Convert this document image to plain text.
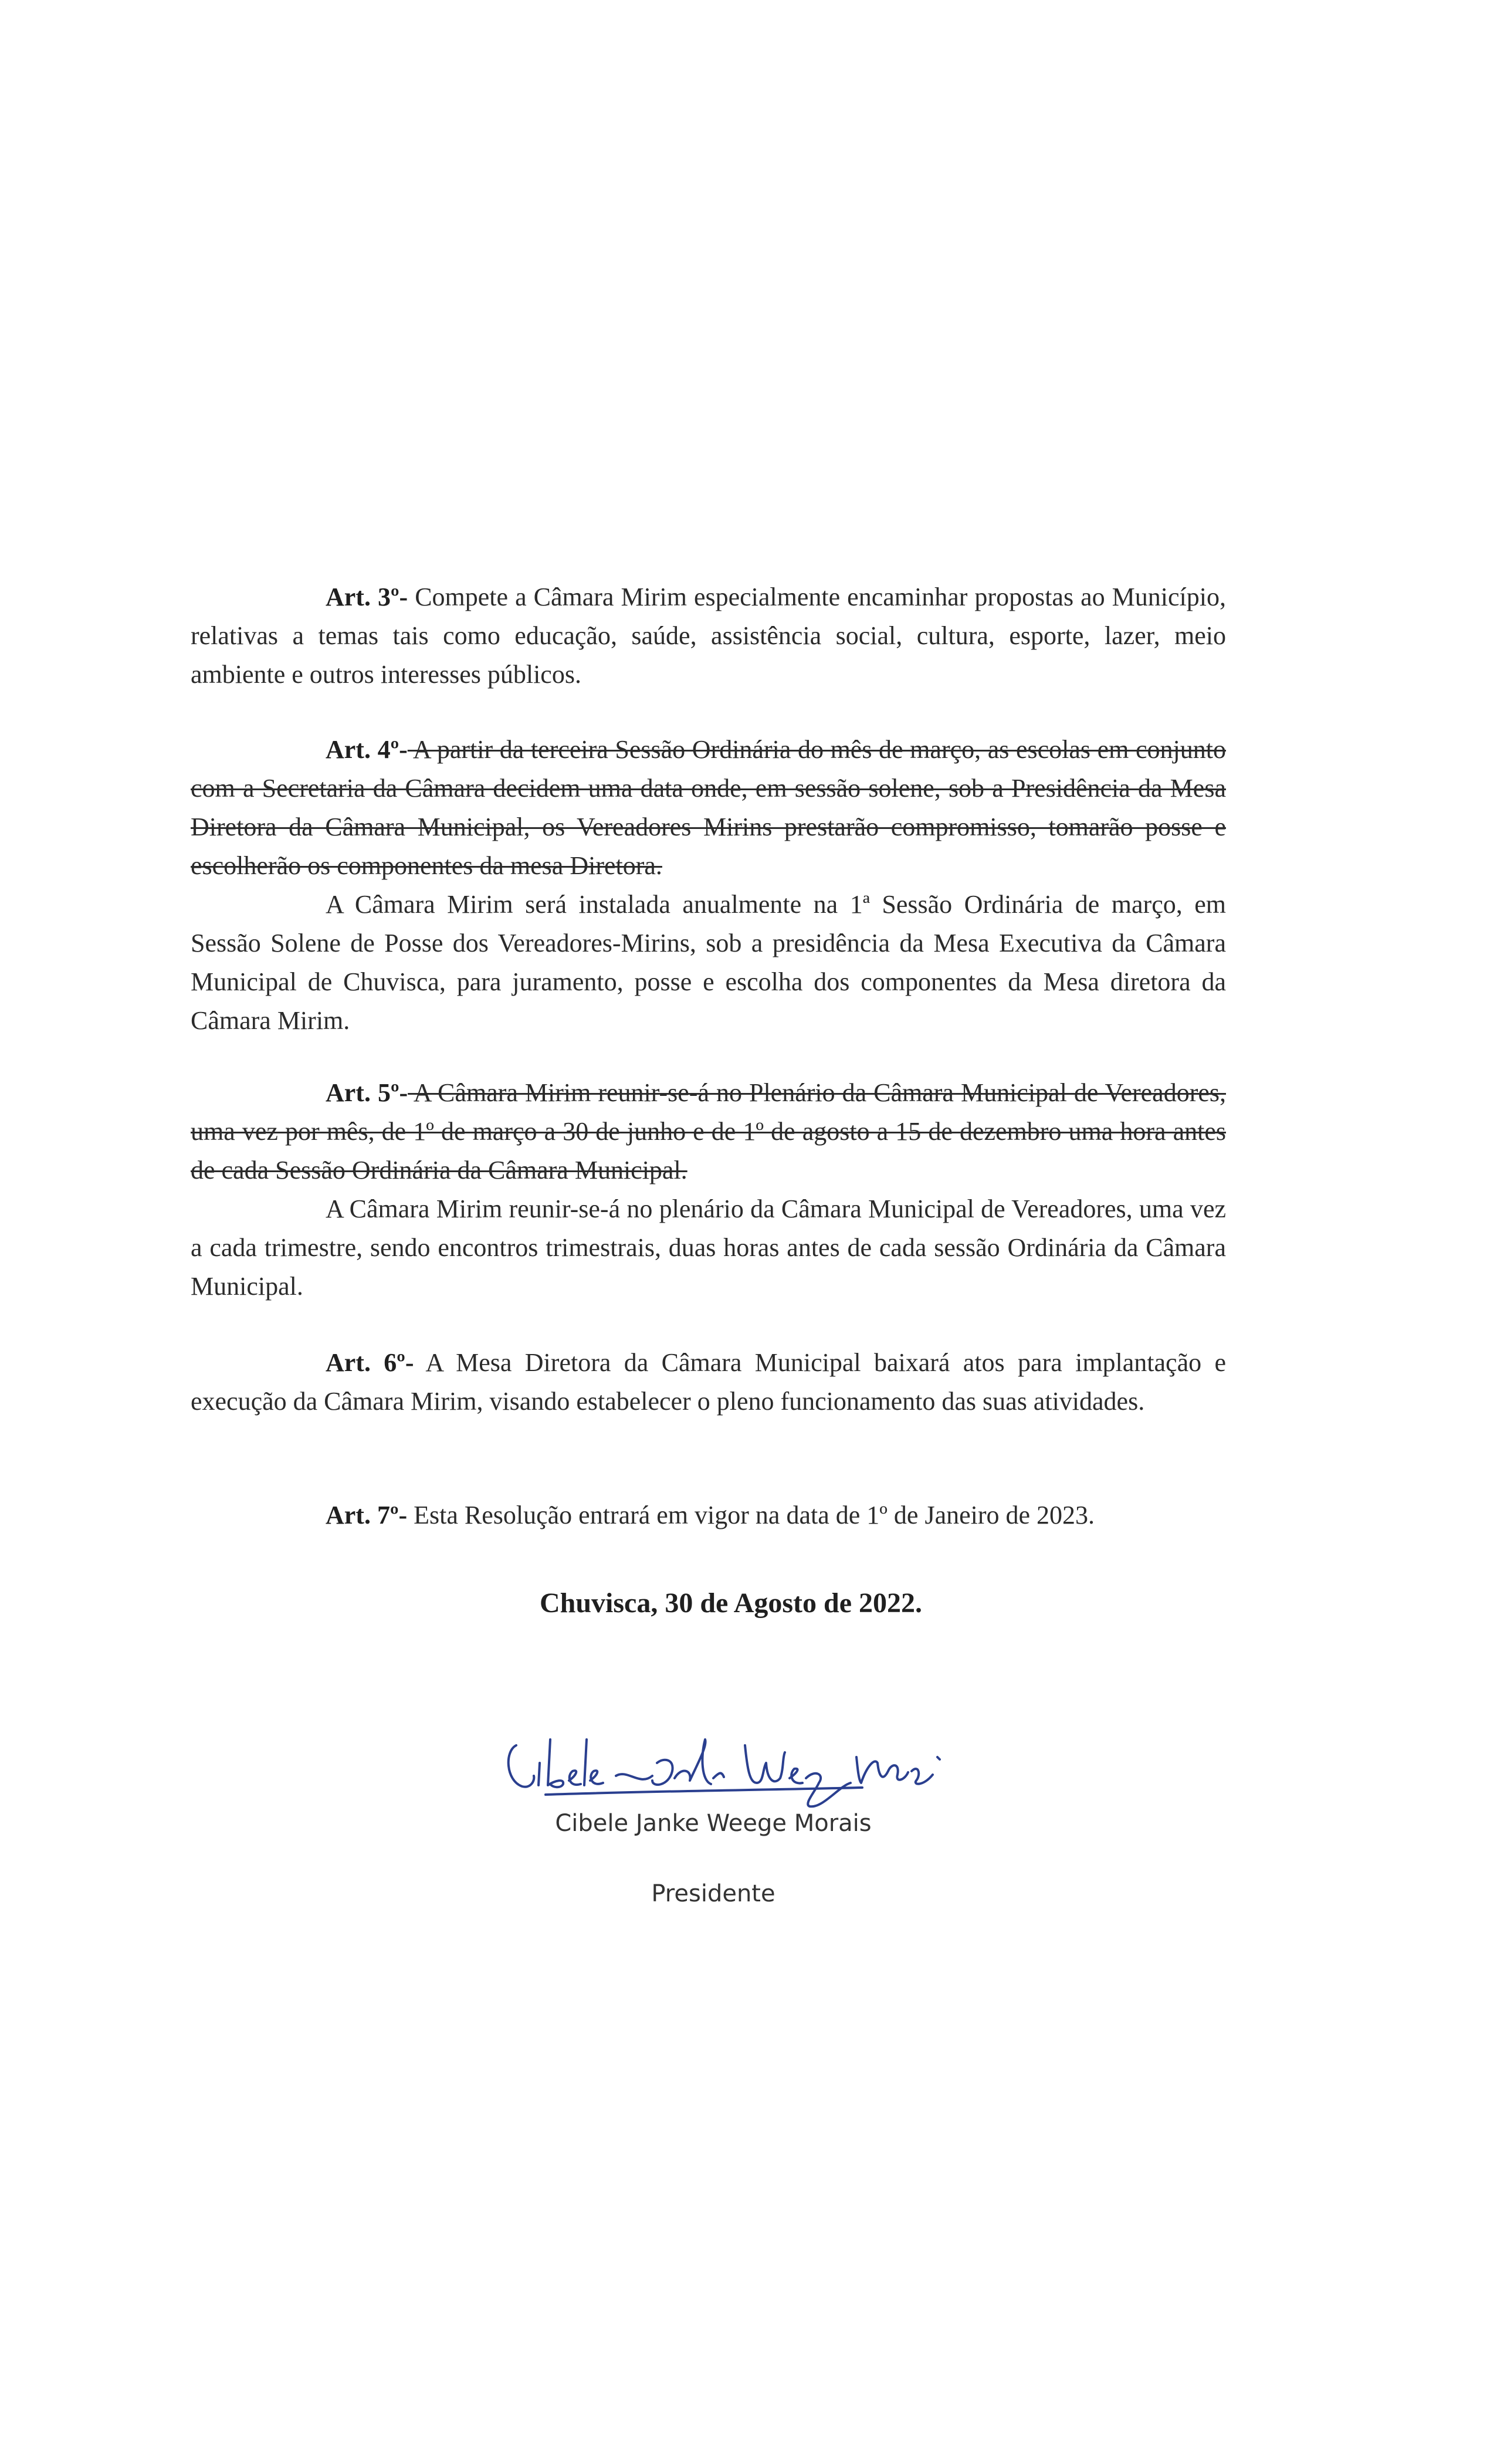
Art. 3º- Compete a Câmara Mirim especialmente encaminhar propostas ao Município, relativas a temas tais como educação, saúde, assistência social, cultura, esporte, lazer, meio ambiente e outros interesses públicos.

Art. 4º- A partir da terceira Sessão Ordinária do mês de março, as escolas em conjunto com a Secretaria da Câmara decidem uma data onde, em sessão solene, sob a Presidência da Mesa Diretora da Câmara Municipal, os Vereadores Mirins prestarão compromisso, tomarão posse e escolherão os componentes da mesa Diretora.

A Câmara Mirim será instalada anualmente na 1ª Sessão Ordinária de março, em Sessão Solene de Posse dos Vereadores-Mirins, sob a presidência da Mesa Executiva da Câmara Municipal de Chuvisca, para juramento, posse e escolha dos componentes da Mesa diretora da Câmara Mirim.

Art. 5º- A Câmara Mirim reunir-se-á no Plenário da Câmara Municipal de Vereadores, uma vez por mês, de 1º de março a 30 de junho e de 1º de agosto a 15 de dezembro uma hora antes de cada Sessão Ordinária da Câmara Municipal.

A Câmara Mirim reunir-se-á no plenário da Câmara Municipal de Vereadores, uma vez a cada trimestre, sendo encontros trimestrais, duas horas antes de cada sessão Ordinária da Câmara Municipal.

Art. 6º- A Mesa Diretora da Câmara Municipal baixará atos para implantação e execução da Câmara Mirim, visando estabelecer o pleno funcionamento das suas atividades.

Art. 7º- Esta Resolução entrará em vigor na data de 1º de Janeiro de 2023.

Chuvisca, 30 de Agosto de 2022.
Cibele Janke Weege Morais
Presidente
